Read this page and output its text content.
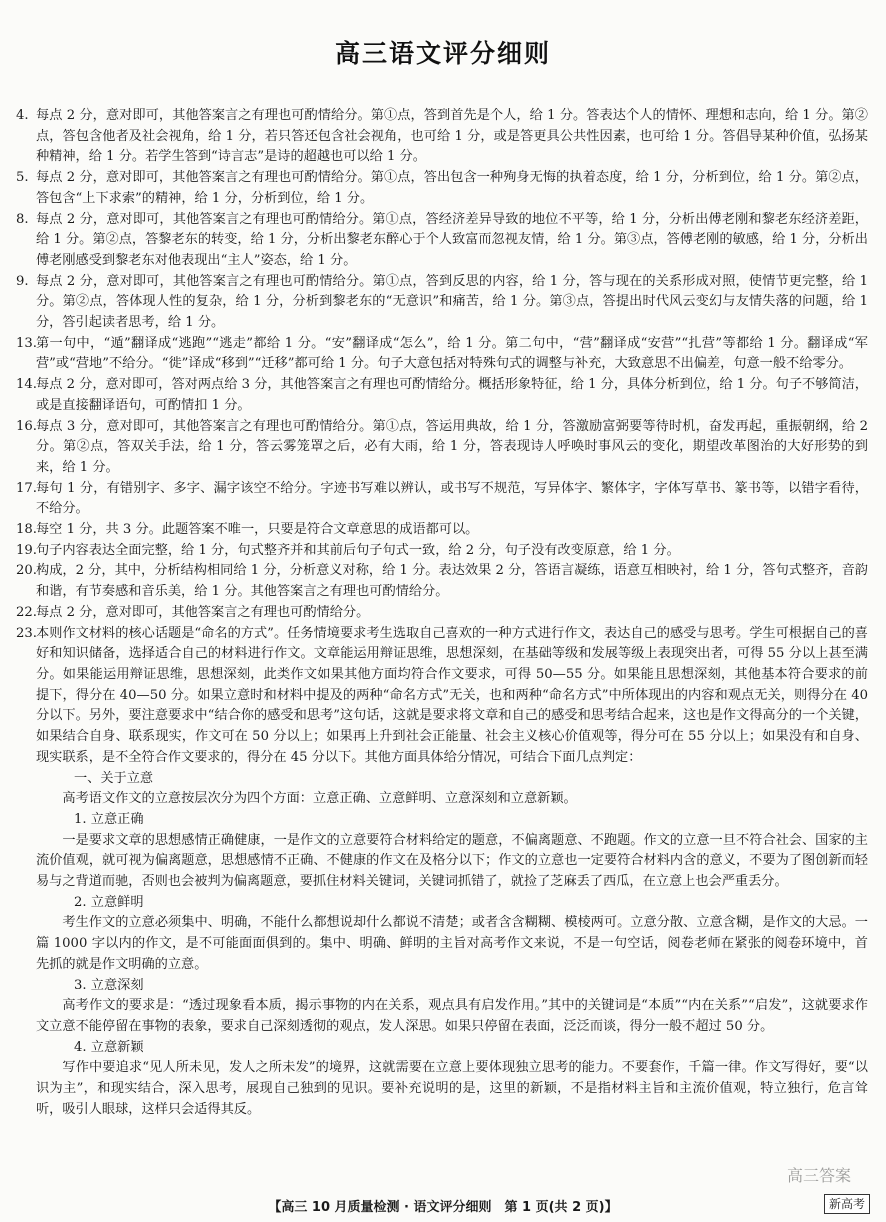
高三语文评分细则
4. 每点 2 分，意对即可，其他答案言之有理也可酌情给分。第①点，答到首先是个人，给 1 分。答表达个人的情怀、理想和志向，给 1 分。第②点，答包含他者及社会视角，给 1 分，若只答还包含社会视角，也可给 1 分，或是答更具公共性因素，也可给 1 分。答倡导某种价值，弘扬某种精神，给 1 分。若学生答到“诗言志”是诗的超越也可以给 1 分。
5. 每点 2 分，意对即可，其他答案言之有理也可酌情给分。第①点，答出包含一种殉身无悔的执着态度，给 1 分，分析到位，给 1 分。第②点，答包含“上下求索”的精神，给 1 分，分析到位，给 1 分。
8. 每点 2 分，意对即可，其他答案言之有理也可酌情给分。第①点，答经济差异导致的地位不平等，给 1 分，分析出傅老刚和黎老东经济差距，给 1 分。第②点，答黎老东的转变，给 1 分，分析出黎老东醉心于个人致富而忽视友情，给 1 分。第③点，答傅老刚的敏感，给 1 分，分析出傅老刚感受到黎老东对他表现出“主人”姿态，给 1 分。
9. 每点 2 分，意对即可，其他答案言之有理也可酌情给分。第①点，答到反思的内容，给 1 分，答与现在的关系形成对照，使情节更完整，给 1 分。第②点，答体现人性的复杂，给 1 分，分析到黎老东的“无意识”和痛苦，给 1 分。第③点，答提出时代风云变幻与友情失落的问题，给 1 分，答引起读者思考，给 1 分。
13. 第一句中，“遁”翻译成“逃跑”“逃走”都给 1 分。“安”翻译成“怎么”，给 1 分。第二句中，“营”翻译成“安营”“扎营”等都给 1 分。翻译成“军营”或“营地”不给分。“徙”译成“移到”“迁移”都可给 1 分。句子大意包括对特殊句式的调整与补充，大致意思不出偏差，句意一般不给零分。
14. 每点 2 分，意对即可，答对两点给 3 分，其他答案言之有理也可酌情给分。概括形象特征，给 1 分，具体分析到位，给 1 分。句子不够简洁，或是直接翻译语句，可酌情扣 1 分。
16. 每点 3 分，意对即可，其他答案言之有理也可酌情给分。第①点，答运用典故，给 1 分，答激励富弼要等待时机，奋发再起，重振朝纲，给 2 分。第②点，答双关手法，给 1 分，答云雾笼罩之后，必有大雨，给 1 分，答表现诗人呼唤时事风云的变化，期望改革图治的大好形势的到来，给 1 分。
17. 每句 1 分，有错别字、多字、漏字该空不给分。字迹书写难以辨认，或书写不规范，写异体字、繁体字，字体写草书、篆书等，以错字看待，不给分。
18. 每空 1 分，共 3 分。此题答案不唯一，只要是符合文章意思的成语都可以。
19. 句子内容表达全面完整，给 1 分，句式整齐并和其前后句子句式一致，给 2 分，句子没有改变原意，给 1 分。
20. 构成，2 分，其中，分析结构相同给 1 分，分析意义对称，给 1 分。表达效果 2 分，答语言凝练，语意互相映衬，给 1 分，答句式整齐，音韵和谐，有节奏感和音乐美，给 1 分。其他答案言之有理也可酌情给分。
22. 每点 2 分，意对即可，其他答案言之有理也可酌情给分。
23. 本则作文材料的核心话题是“命名的方式”。任务情境要求考生选取自己喜欢的一种方式进行作文，表达自己的感受与思考。学生可根据自己的喜好和知识储备，选择适合自己的材料进行作文。文章能运用辩证思维，思想深刻，在基础等级和发展等级上表现突出者，可得 55 分以上甚至满分。如果能运用辩证思维，思想深刻，此类作文如果其他方面均符合作文要求，可得 50—55 分。如果能且思想深刻，其他基本符合要求的前提下，得分在 40—50 分。如果立意时和材料中提及的两种“命名方式”无关，也和两种“命名方式”中所体现出的内容和观点无关，则得分在 40 分以下。另外，要注意要求中“结合你的感受和思考”这句话，这就是要求将文章和自己的感受和思考结合起来，这也是作文得高分的一个关键，如果结合自身、联系现实，作文可在 50 分以上；如果再上升到社会正能量、社会主义核心价值观等，得分可在 55 分以上；如果没有和自身、现实联系，是不全符合作文要求的，得分在 45 分以下。其他方面具体给分情况，可结合下面几点判定：
一、关于立意
高考语文作文的立意按层次分为四个方面：立意正确、立意鲜明、立意深刻和立意新颖。
1. 立意正确
一是要求文章的思想感情正确健康，一是作文的立意要符合材料给定的题意，不偏离题意、不跑题。作文的立意一旦不符合社会、国家的主流价值观，就可视为偏离题意，思想感情不正确、不健康的作文在及格分以下；作文的立意也一定要符合材料内含的意义，不要为了图创新而轻易与之背道而驰，否则也会被判为偏离题意，要抓住材料关键词，关键词抓错了，就捡了芝麻丢了西瓜，在立意上也会严重丢分。
2. 立意鲜明
考生作文的立意必须集中、明确，不能什么都想说却什么都说不清楚；或者含含糊糊、模棱两可。立意分散、立意含糊，是作文的大忌。一篇 1000 字以内的作文，是不可能面面俱到的。集中、明确、鲜明的主旨对高考作文来说，不是一句空话，阅卷老师在紧张的阅卷环境中，首先抓的就是作文明确的立意。
3. 立意深刻
高考作文的要求是：“透过现象看本质，揭示事物的内在关系，观点具有启发作用。”其中的关键词是“本质”“内在关系”“启发”，这就要求作文立意不能停留在事物的表象，要求自己深刻透彻的观点，发人深思。如果只停留在表面，泛泛而谈，得分一般不超过 50 分。
4. 立意新颖
写作中要追求“见人所未见，发人之所未发”的境界，这就需要在立意上要体现独立思考的能力。不要套作，千篇一律。作文写得好，要“以识为主”，和现实结合，深入思考，展现自己独到的见识。要补充说明的是，这里的新颖，不是指材料主旨和主流价值观，特立独行，危言耸听，吸引人眼球，这样只会适得其反。
高三答案
【高三 10 月质量检测 · 语文评分细则　第 1 页(共 2 页)】	新高考
